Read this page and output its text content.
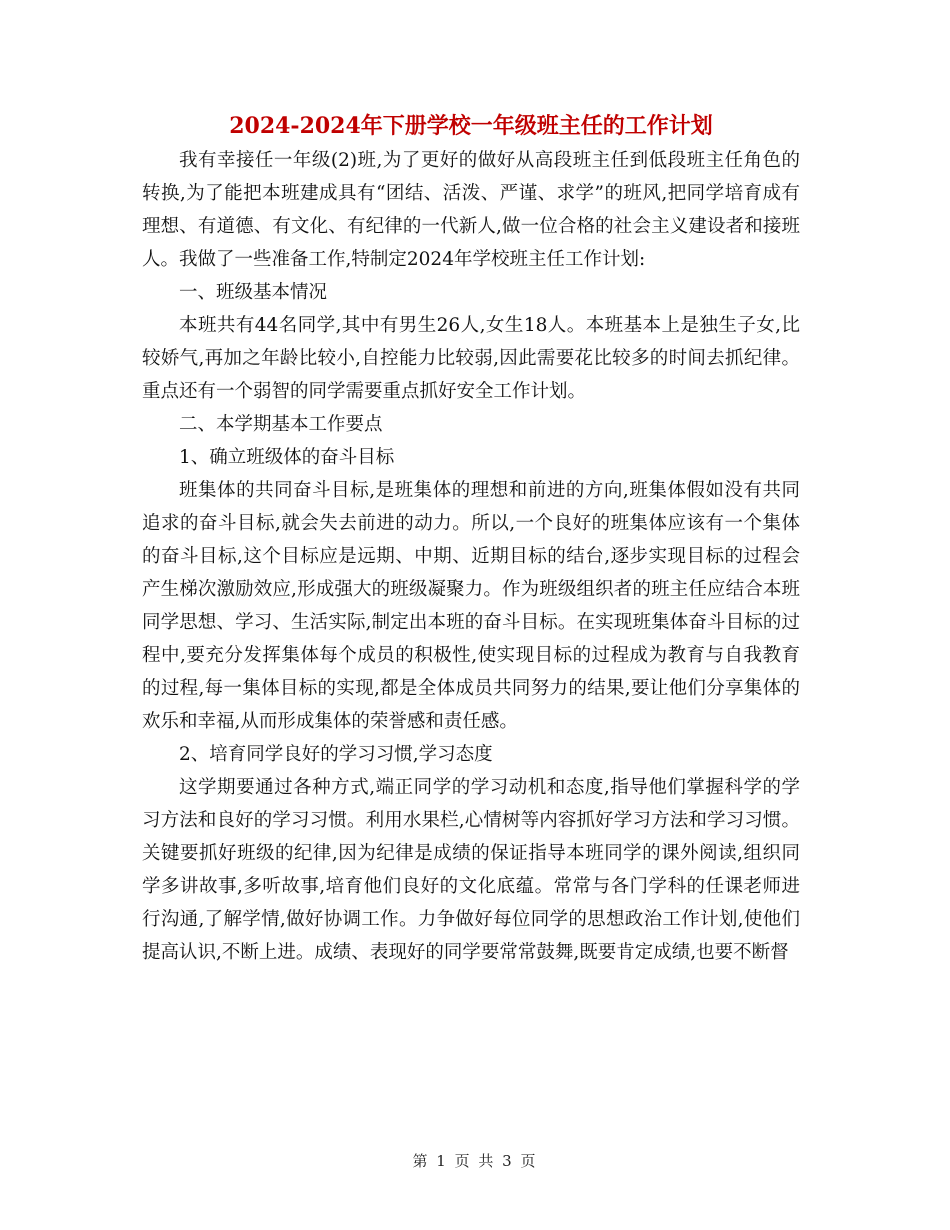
2024-2024年下册学校一年级班主任的工作计划

我有幸接任一年级(2)班,为了更好的做好从高段班主任到低段班主任角色的转换,为了能把本班建成具有“团结、活泼、严谨、求学”的班风,把同学培育成有理想、有道德、有文化、有纪律的一代新人,做一位合格的社会主义建设者和接班人。我做了一些准备工作,特制定2024年学校班主任工作计划:

一、班级基本情况

本班共有44名同学,其中有男生26人,女生18人。本班基本上是独生子女,比较娇气,再加之年龄比较小,自控能力比较弱,因此需要花比较多的时间去抓纪律。重点还有一个弱智的同学需要重点抓好安全工作计划。

二、本学期基本工作要点

1、确立班级体的奋斗目标

班集体的共同奋斗目标,是班集体的理想和前进的方向,班集体假如没有共同追求的奋斗目标,就会失去前进的动力。所以,一个良好的班集体应该有一个集体的奋斗目标,这个目标应是远期、中期、近期目标的结台,逐步实现目标的过程会产生梯次激励效应,形成强大的班级凝聚力。作为班级组织者的班主任应结合本班同学思想、学习、生活实际,制定出本班的奋斗目标。在实现班集体奋斗目标的过程中,要充分发挥集体每个成员的积极性,使实现目标的过程成为教育与自我教育的过程,每一集体目标的实现,都是全体成员共同努力的结果,要让他们分享集体的欢乐和幸福,从而形成集体的荣誉感和责任感。

2、培育同学良好的学习习惯,学习态度

这学期要通过各种方式,端正同学的学习动机和态度,指导他们掌握科学的学习方法和良好的学习习惯。利用水果栏,心情树等内容抓好学习方法和学习习惯。关键要抓好班级的纪律,因为纪律是成绩的保证指导本班同学的课外阅读,组织同学多讲故事,多听故事,培育他们良好的文化底蕴。常常与各门学科的任课老师进行沟通,了解学情,做好协调工作。力争做好每位同学的思想政治工作计划,使他们提高认识,不断上进。成绩、表现好的同学要常常鼓舞,既要肯定成绩,也要不断督

第 1 页 共 3 页
